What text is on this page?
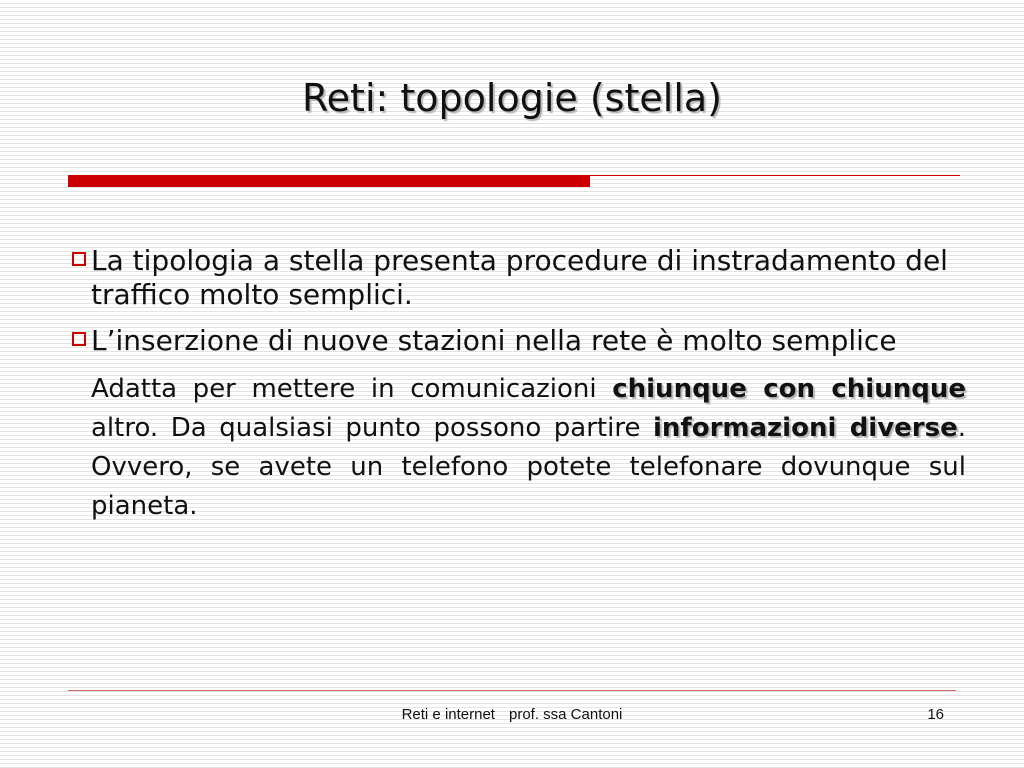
Reti: topologie (stella)
La tipologia a stella presenta procedure di instradamento del traffico molto semplici.
L’inserzione di nuove stazioni nella rete è molto semplice

Adatta per mettere in comunicazioni chiunque con chiunque altro. Da qualsiasi punto possono partire informazioni diverse. Ovvero, se avete un telefono potete telefonare dovunque sul pianeta.

Reti e internet prof. ssa Cantoni	16
